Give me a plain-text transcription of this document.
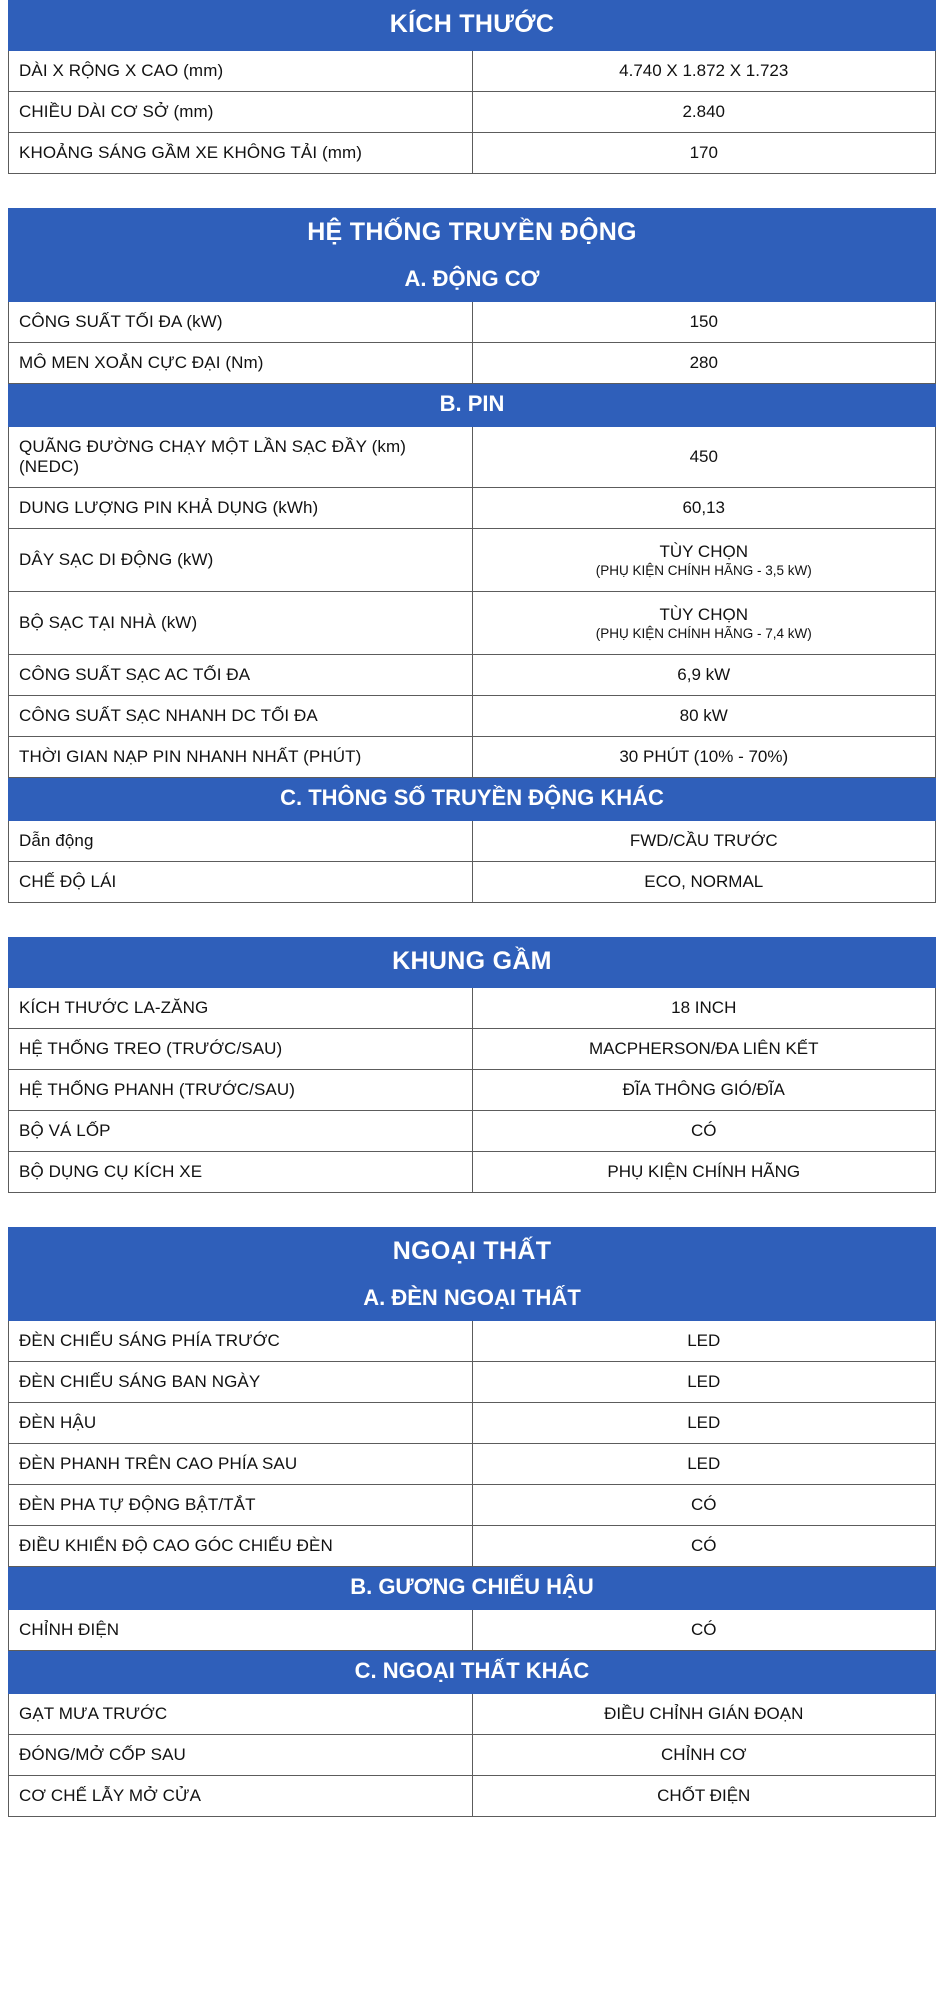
KÍCH THƯỚC	
DÀI X RỘNG X CAO (mm)	4.740 X 1.872 X 1.723
CHIỀU DÀI CƠ SỞ (mm)	2.840
KHOẢNG SÁNG GẦM XE KHÔNG TẢI (mm)	170
HỆ THỐNG TRUYỀN ĐỘNG	
A. ĐỘNG CƠ	
CÔNG SUẤT TỐI ĐA (kW)	150
MÔ MEN XOẮN CỰC ĐẠI (Nm)	280
B. PIN	
QUÃNG ĐƯỜNG CHẠY MỘT LẦN SẠC ĐẦY (km) (NEDC)	450
DUNG LƯỢNG PIN KHẢ DỤNG (kWh)	60,13
DÂY SẠC DI ĐỘNG (kW)	TÙY CHỌN
(PHỤ KIỆN CHÍNH HÃNG - 3,5 kW)

BỘ SẠC TẠI NHÀ (kW)	TÙY CHỌN
(PHỤ KIỆN CHÍNH HÃNG - 7,4 kW)

CÔNG SUẤT SẠC AC TỐI ĐA	6,9 kW
CÔNG SUẤT SẠC NHANH DC TỐI ĐA	80 kW
THỜI GIAN NẠP PIN NHANH NHẤT (PHÚT)	30 PHÚT (10% - 70%)
C. THÔNG SỐ TRUYỀN ĐỘNG KHÁC	
Dẫn động	FWD/CẦU TRƯỚC
CHẾ ĐỘ LÁI	ECO, NORMAL
KHUNG GẦM	
KÍCH THƯỚC LA-ZĂNG	18 INCH
HỆ THỐNG TREO (TRƯỚC/SAU)	MACPHERSON/ĐA LIÊN KẾT
HỆ THỐNG PHANH (TRƯỚC/SAU)	ĐĨA THÔNG GIÓ/ĐĨA
BỘ VÁ LỐP	CÓ
BỘ DỤNG CỤ KÍCH XE	PHỤ KIỆN CHÍNH HÃNG
NGOẠI THẤT	
A. ĐÈN NGOẠI THẤT	
ĐÈN CHIẾU SÁNG PHÍA TRƯỚC	LED
ĐÈN CHIẾU SÁNG BAN NGÀY	LED
ĐÈN HẬU	LED
ĐÈN PHANH TRÊN CAO PHÍA SAU	LED
ĐÈN PHA TỰ ĐỘNG BẬT/TẮT	CÓ
ĐIỀU KHIỂN ĐỘ CAO GÓC CHIẾU ĐÈN	CÓ
B. GƯƠNG CHIẾU HẬU	
CHỈNH ĐIỆN	CÓ
C. NGOẠI THẤT KHÁC	
GẠT MƯA TRƯỚC	ĐIỀU CHỈNH GIÁN ĐOẠN
ĐÓNG/MỞ CỐP SAU	CHỈNH CƠ
CƠ CHẾ LẪY MỞ CỬA	CHỐT ĐIỆN
